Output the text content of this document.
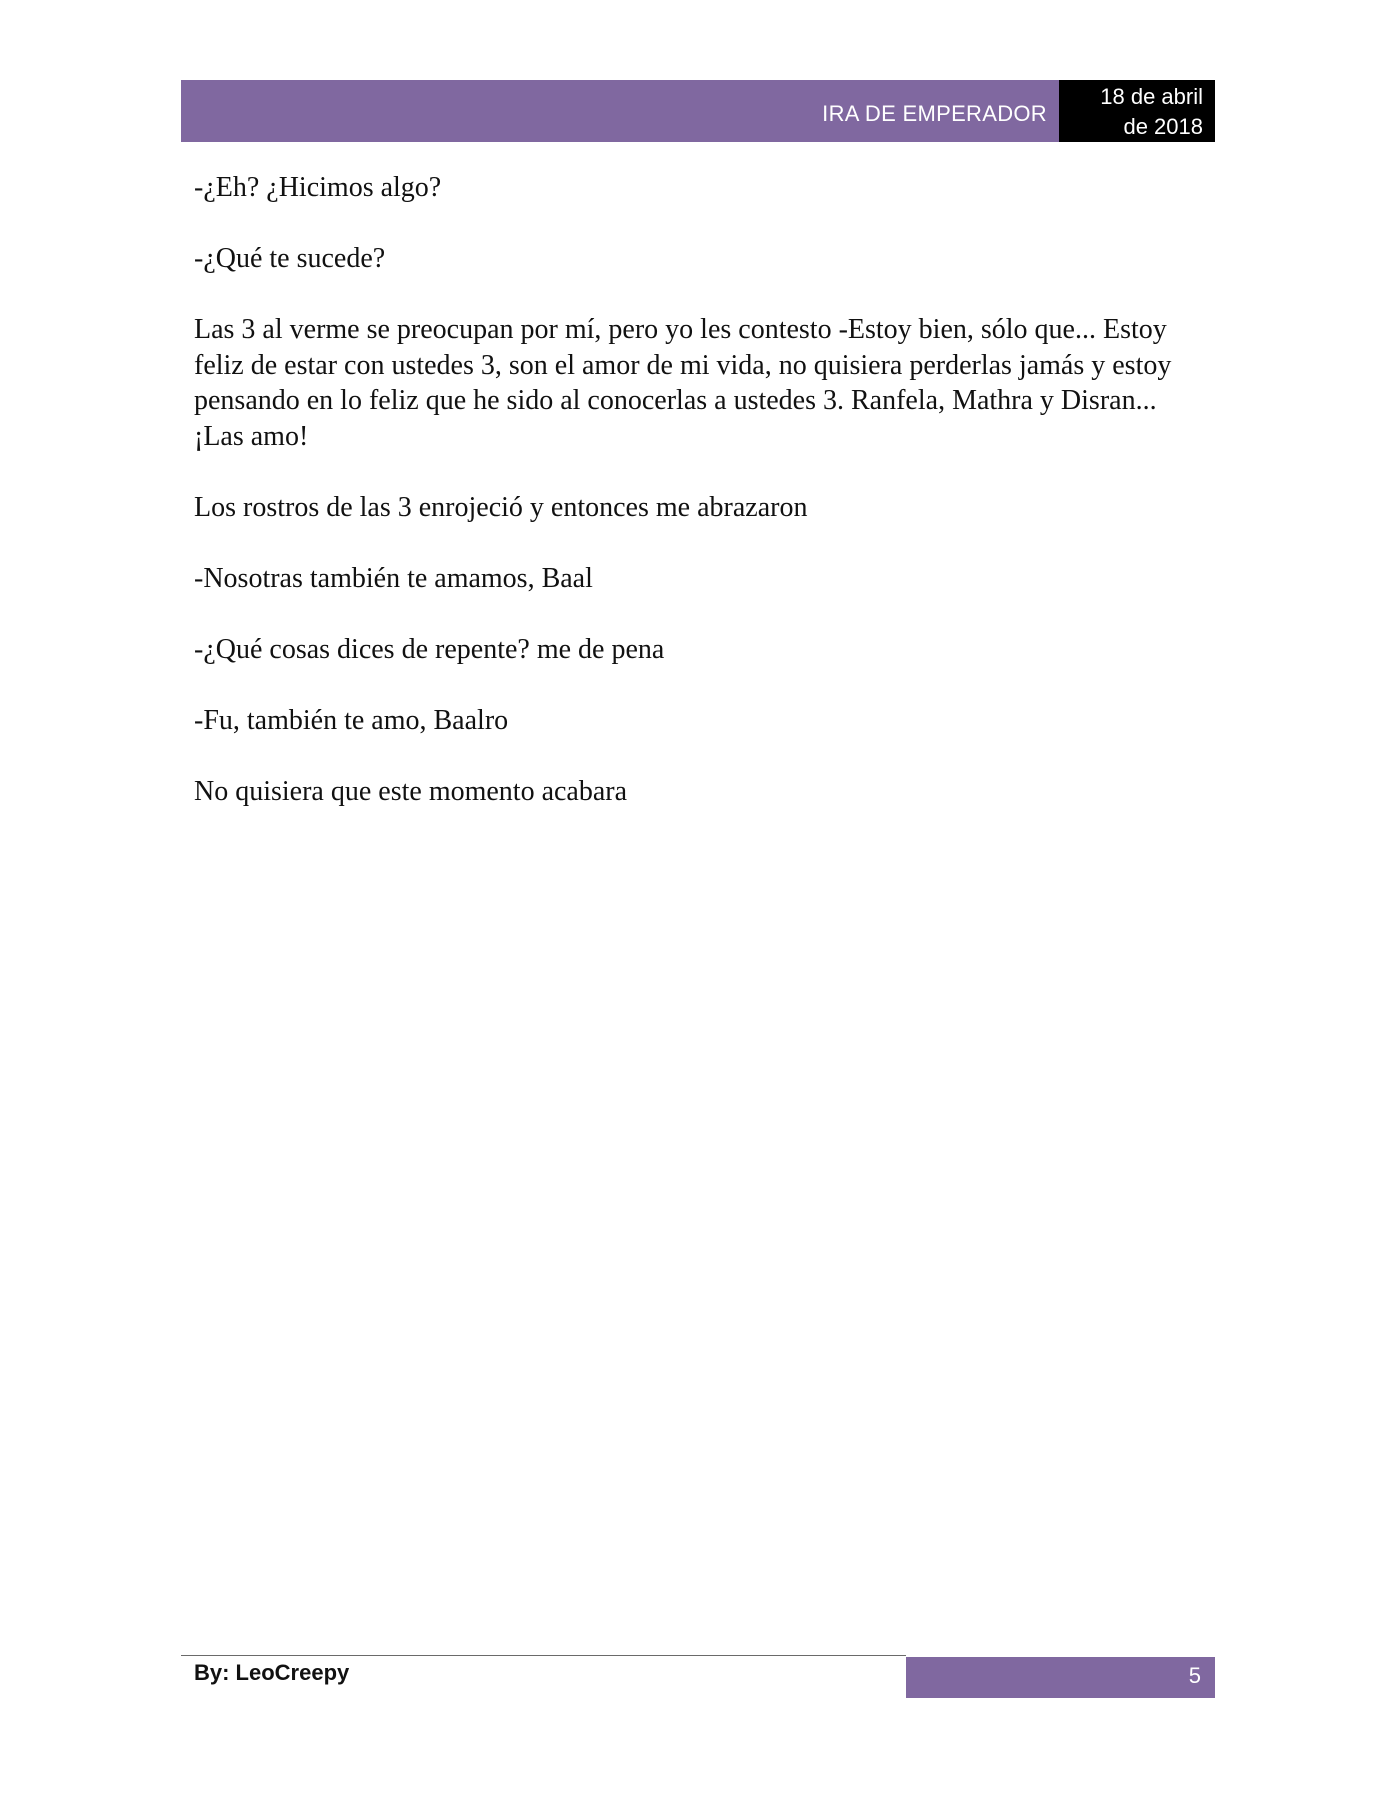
IRA DE EMPERADOR
18 de abril
de 2018

-¿Eh? ¿Hicimos algo?

-¿Qué te sucede?

Las 3 al verme se preocupan por mí, pero yo les contesto -Estoy bien, sólo que... Estoy feliz de estar con ustedes 3, son el amor de mi vida, no quisiera perderlas jamás y estoy pensando en lo feliz que he sido al conocerlas a ustedes 3. Ranfela, Mathra y Disran... ¡Las amo!

Los rostros de las 3 enrojeció y entonces me abrazaron

-Nosotras también te amamos, Baal

-¿Qué cosas dices de repente? me de pena

-Fu, también te amo, Baalro

No quisiera que este momento acabara

By: LeoCreepy	5
